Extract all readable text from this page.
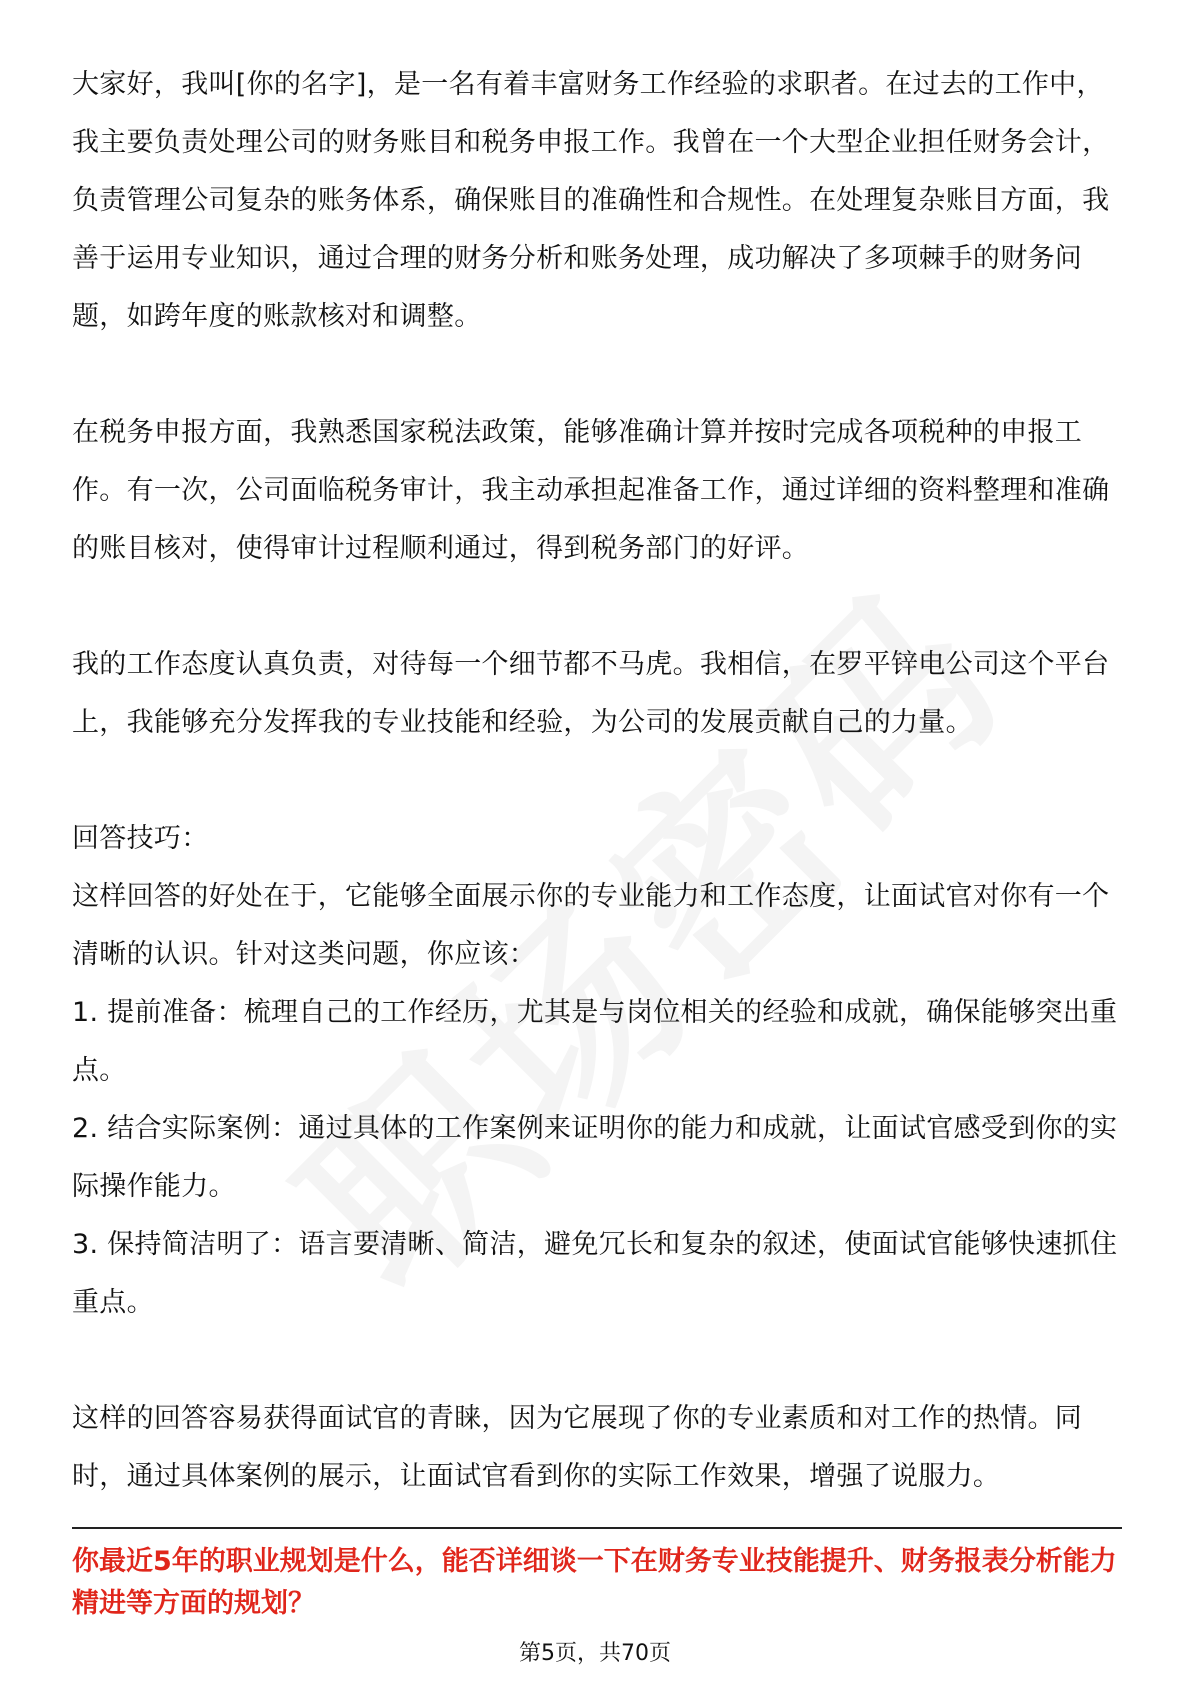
大家好，我叫[你的名字]，是一名有着丰富财务工作经验的求职者。在过去的工作中，我主要负责处理公司的财务账目和税务申报工作。我曾在一个大型企业担任财务会计，负责管理公司复杂的账务体系，确保账目的准确性和合规性。在处理复杂账目方面，我善于运用专业知识，通过合理的财务分析和账务处理，成功解决了多项棘手的财务问题，如跨年度的账款核对和调整。

在税务申报方面，我熟悉国家税法政策，能够准确计算并按时完成各项税种的申报工作。有一次，公司面临税务审计，我主动承担起准备工作，通过详细的资料整理和准确的账目核对，使得审计过程顺利通过，得到税务部门的好评。

我的工作态度认真负责，对待每一个细节都不马虎。我相信，在罗平锌电公司这个平台上，我能够充分发挥我的专业技能和经验，为公司的发展贡献自己的力量。

回答技巧：

这样回答的好处在于，它能够全面展示你的专业能力和工作态度，让面试官对你有一个清晰的认识。针对这类问题，你应该：

1. 提前准备：梳理自己的工作经历，尤其是与岗位相关的经验和成就，确保能够突出重点。

2. 结合实际案例：通过具体的工作案例来证明你的能力和成就，让面试官感受到你的实际操作能力。

3. 保持简洁明了：语言要清晰、简洁，避免冗长和复杂的叙述，使面试官能够快速抓住重点。

这样的回答容易获得面试官的青睐，因为它展现了你的专业素质和对工作的热情。同时，通过具体案例的展示，让面试官看到你的实际工作效果，增强了说服力。

你最近5年的职业规划是什么，能否详细谈一下在财务专业技能提升、财务报表分析能力精进等方面的规划？

第5页，共70页
